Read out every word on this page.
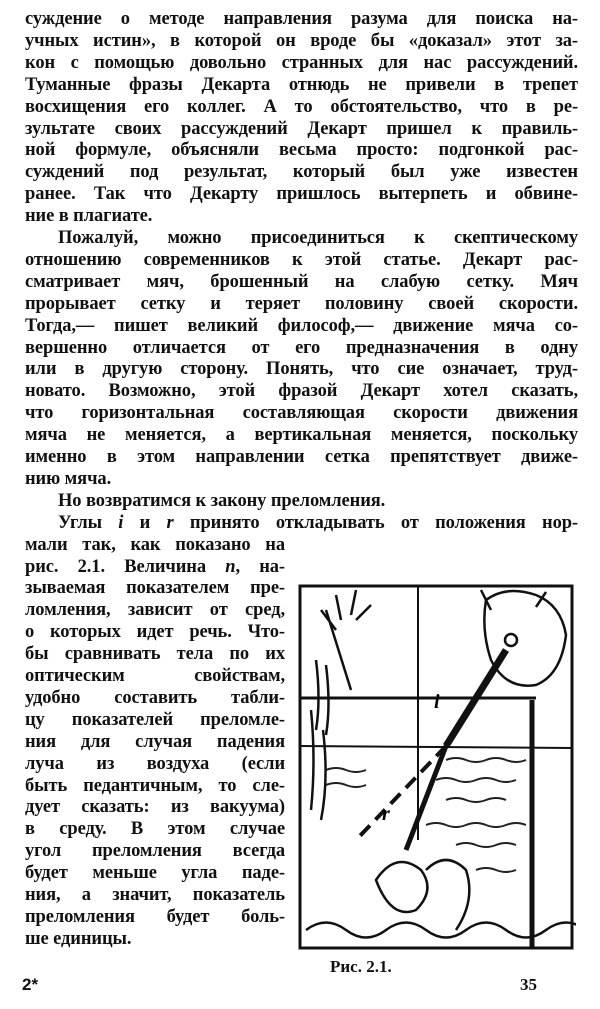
суждение о методе направления разума для поиска на-
учных истин», в которой он вроде бы «доказал» этот за-
кон с помощью довольно странных для нас рассуждений.
Туманные фразы Декарта отнюдь не привели в трепет
восхищения его коллег. А то обстоятельство, что в ре-
зультате своих рассуждений Декарт пришел к правиль-
ной формуле, объясняли весьма просто: подгонкой рас-
суждений под результат, который был уже известен
ранее. Так что Декарту пришлось вытерпеть и обвине-
ние в плагиате.
Пожалуй, можно присоединиться к скептическому
отношению современников к этой статье. Декарт рас-
сматривает мяч, брошенный на слабую сетку. Мяч
прорывает сетку и теряет половину своей скорости.
Тогда,— пишет великий философ,— движение мяча со-
вершенно отличается от его предназначения в одну
или в другую сторону. Понять, что сие означает, труд-
новато. Возможно, этой фразой Декарт хотел сказать,
что горизонтальная составляющая скорости движения
мяча не меняется, а вертикальная меняется, поскольку
именно в этом направлении сетка препятствует движе-
нию мяча.
Но возвратимся к закону преломления.
Углы i и r принято откладывать от положения нор-
мали так, как показано на
рис. 2.1. Величина n, на-
зываемая показателем пре-
ломления, зависит от сред,
о которых идет речь. Что-
бы сравнивать тела по их
оптическим свойствам,
удобно составить табли-
цу показателей преломле-
ния для случая падения
луча из воздуха (если
быть педантичным, то сле-
дует сказать: из вакуума)
в среду. В этом случае
угол преломления всегда
будет меньше угла паде-
ния, а значит, показатель
преломления будет боль-
ше единицы.
i
r
Рис. 2.1.
2*	35
